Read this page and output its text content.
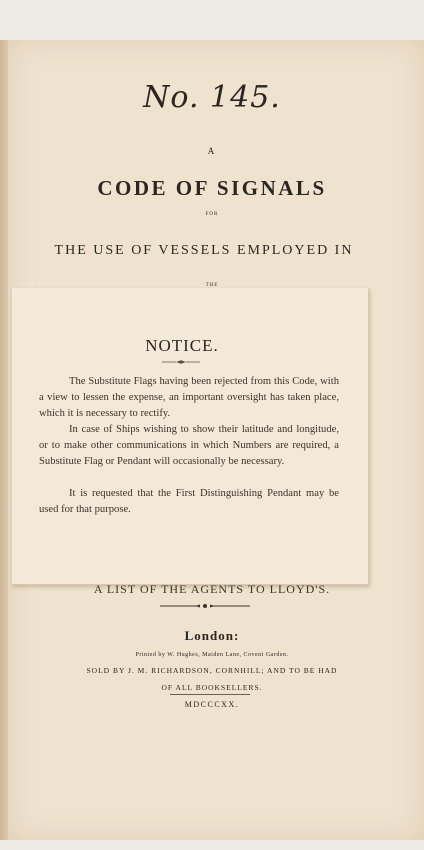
No. 145.
A
CODE OF SIGNALS
FOR
THE USE OF VESSELS EMPLOYED IN
THE
NOTICE.
The Substitute Flags having been rejected from this Code, with a view to lessen the expense, an important oversight has taken place, which it is necessary to rectify.
In case of Ships wishing to show their latitude and longitude, or to make other communications in which Numbers are required, a Substitute Flag or Pendant will occasionally be necessary.
It is requested that the First Distinguishing Pendant may be used for that purpose.
A LIST OF THE AGENTS TO LLOYD'S.
London:
Printed by W. Hughes, Maiden Lane, Covent Garden.
SOLD BY J. M. RICHARDSON, CORNHILL; AND TO BE HAD
OF ALL BOOKSELLERS.
MDCCCXX.
